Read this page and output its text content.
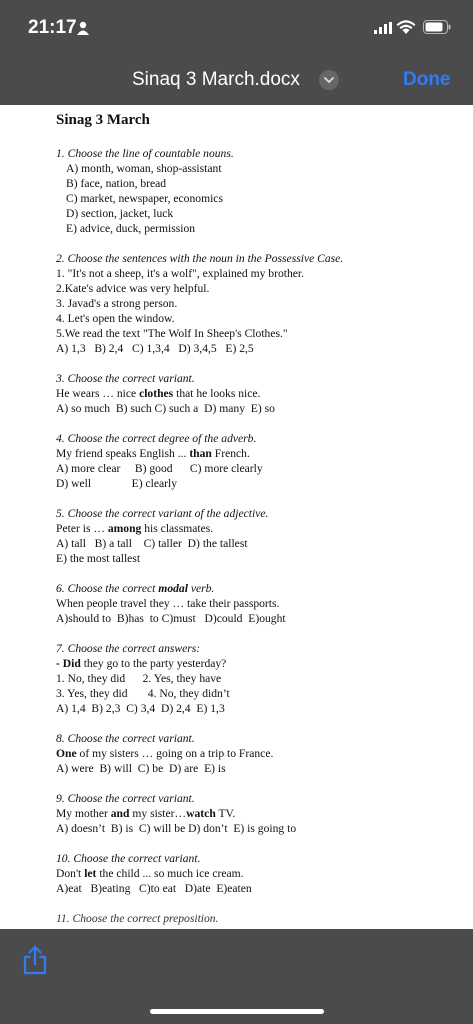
21:17
Sinaq 3 March.docx	Done
Sinag 3 March
1. Choose the line of countable nouns.
A) month, woman, shop-assistant
B) face, nation, bread
C) market, newspaper, economics
D) section, jacket, luck
E) advice, duck, permission
2. Choose the sentences with the noun in the Possessive Case.
1. "It's not a sheep, it's a wolf", explained my brother.
2.Kate's advice was very helpful.
3. Javad's a strong person.
4. Let's open the window.
5.We read the text "The Wolf In Sheep's Clothes."
A) 1,3   B) 2,4   C) 1,3,4   D) 3,4,5   E) 2,5
3. Choose the correct variant.
He wears … nice clothes that he looks nice.
A) so much  B) such C) such a  D) many  E) so
4. Choose the correct degree of the adverb.
My friend speaks English ... than French.
A) more clear     B) good      C) more clearly
D) well              E) clearly
5. Choose the correct variant of the adjective.
Peter is … among his classmates.
A) tall   B) a tall    C) taller  D) the tallest
E) the most tallest
6. Choose the correct modal verb.
When people travel they … take their passports.
A)should to  B)has  to C)must   D)could  E)ought
7. Choose the correct answers:
- Did they go to the party yesterday?
1. No, they did      2. Yes, they have
3. Yes, they did       4. No, they didn’t
A) 1,4  B) 2,3  C) 3,4  D) 2,4  E) 1,3
8. Choose the correct variant.
One of my sisters … going on a trip to France.
A) were  B) will  C) be  D) are  E) is
9. Choose the correct variant.
My mother and my sister…watch TV.
A) doesn’t  B) is  C) will be D) don’t  E) is going to
10. Choose the correct variant.
Don't let the child ... so much ice cream.
A)eat   B)eating   C)to eat   D)ate  E)eaten
11. Choose the correct preposition.
